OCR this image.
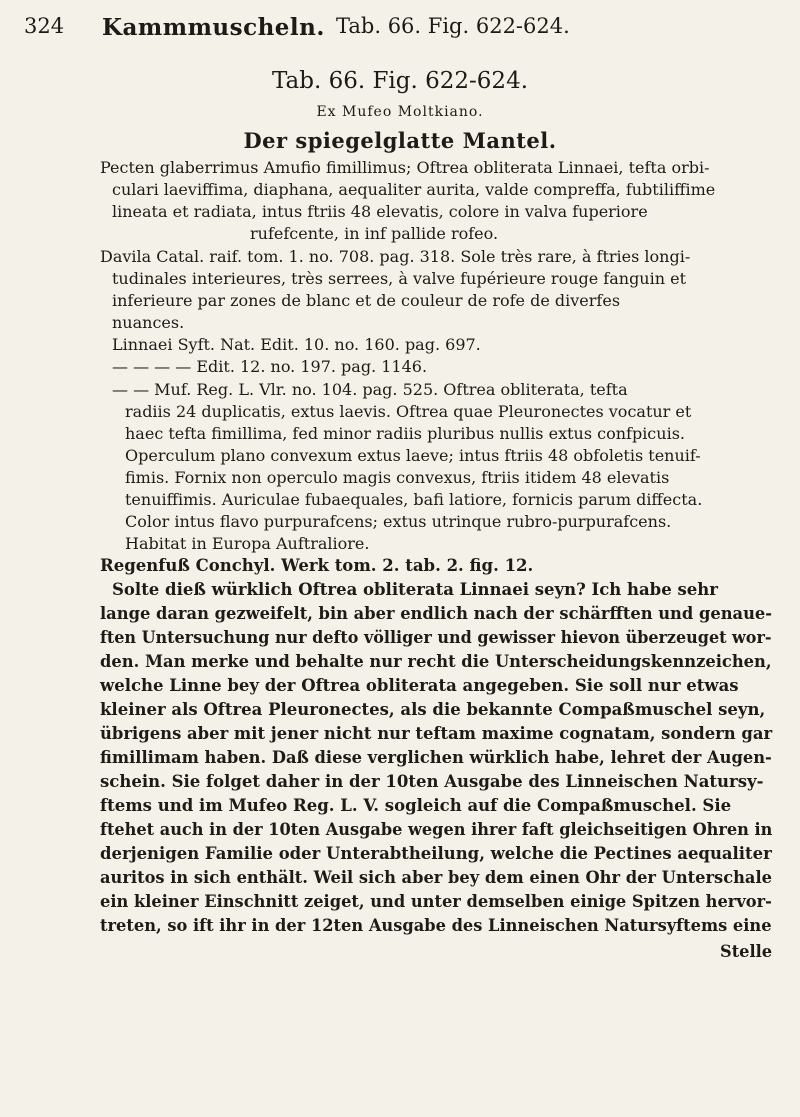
324 Kammmuscheln. Tab. 66. Fig. 622-624.
Tab. 66. Fig. 622-624.
Ex Mufeo Moltkiano.
Der spiegelglatte Mantel.
Pecten glaberrimus Amufio fimillimus; Oftrea obliterata Linnaei, tefta orbi-
culari laeviffima, diaphana, aequaliter aurita, valde compreffa, fubtiliffime
lineata et radiata, intus ftriis 48 elevatis, colore in valva fuperiore
rufefcente, in inf pallide rofeo.
Davila Catal. raif. tom. 1. no. 708. pag. 318. Sole très rare, à ftries longi-
tudinales interieures, très serrees, à valve fupérieure rouge fanguin et
inferieure par zones de blanc et de couleur de rofe de diverfes
nuances.
Linnaei Syft. Nat. Edit. 10. no. 160. pag. 697.
— — — — Edit. 12. no. 197. pag. 1146.
— — Muf. Reg. L. Vlr. no. 104. pag. 525. Oftrea obliterata, tefta
radiis 24 duplicatis, extus laevis. Oftrea quae Pleuronectes vocatur et
haec tefta fimillima, fed minor radiis pluribus nullis extus confpicuis.
Operculum plano convexum extus laeve; intus ftriis 48 obfoletis tenuif-
fimis. Fornix non operculo magis convexus, ftriis itidem 48 elevatis
tenuiffimis. Auriculae fubaequales, bafi latiore, fornicis parum diffecta.
Color intus flavo purpurafcens; extus utrinque rubro-purpurafcens.
Habitat in Europa Auftraliore.
Regenfuß Conchyl. Werk tom. 2. tab. 2. fig. 12.
Solte dieß würklich Oftrea obliterata Linnaei seyn? Ich habe sehr
lange daran gezweifelt, bin aber endlich nach der schärfften und genaue-
ften Untersuchung nur defto völliger und gewisser hievon überzeuget wor-
den. Man merke und behalte nur recht die Unterscheidungskennzeichen,
welche Linne bey der Oftrea obliterata angegeben. Sie soll nur etwas
kleiner als Oftrea Pleuronectes, als die bekannte Compaßmuschel seyn,
übrigens aber mit jener nicht nur teftam maxime cognatam, sondern gar
fimillimam haben. Daß diese verglichen würklich habe, lehret der Augen-
schein. Sie folget daher in der 10ten Ausgabe des Linneischen Natursy-
ftems und im Mufeo Reg. L. V. sogleich auf die Compaßmuschel. Sie
ftehet auch in der 10ten Ausgabe wegen ihrer faft gleichseitigen Ohren in
derjenigen Familie oder Unterabtheilung, welche die Pectines aequaliter
auritos in sich enthält. Weil sich aber bey dem einen Ohr der Unterschale
ein kleiner Einschnitt zeiget, und unter demselben einige Spitzen hervor-
treten, so ift ihr in der 12ten Ausgabe des Linneischen Natursyftems eine
Stelle
